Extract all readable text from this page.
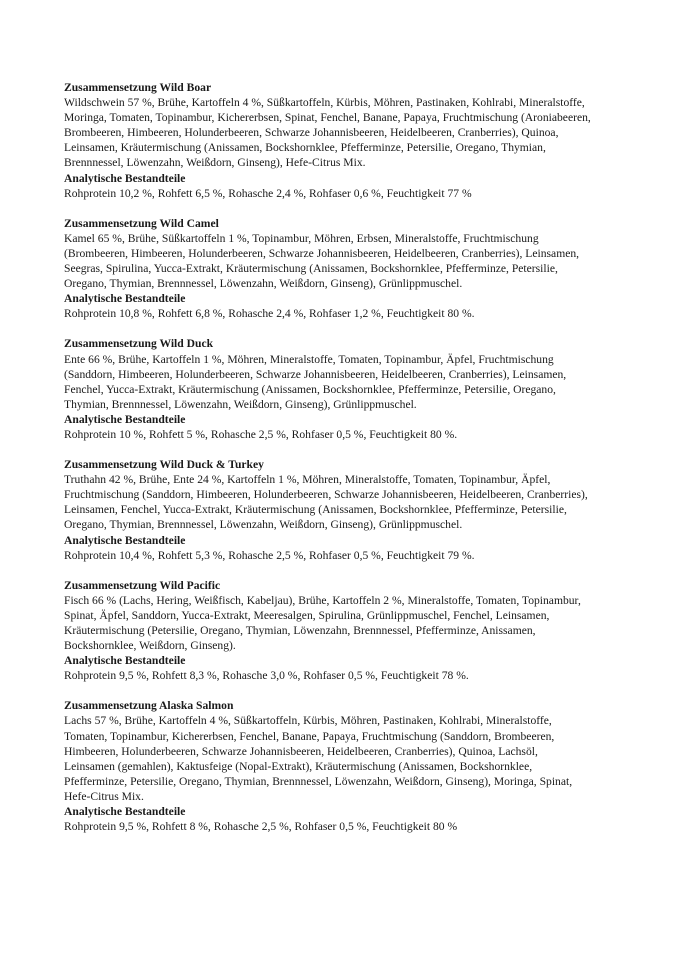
Zusammensetzung Wild Boar
Wildschwein 57 %, Brühe, Kartoffeln 4 %, Süßkartoffeln, Kürbis, Möhren, Pastinaken, Kohlrabi, Mineralstoffe,
Moringa, Tomaten, Topinambur, Kichererbsen, Spinat, Fenchel, Banane, Papaya, Fruchtmischung (Aroniabeeren,
Brombeeren, Himbeeren, Holunderbeeren, Schwarze Johannisbeeren, Heidelbeeren, Cranberries), Quinoa,
Leinsamen, Kräutermischung (Anissamen, Bockshornklee, Pfefferminze, Petersilie, Oregano, Thymian,
Brennnessel, Löwenzahn, Weißdorn, Ginseng), Hefe-Citrus Mix.
Analytische Bestandteile
Rohprotein 10,2 %, Rohfett 6,5 %, Rohasche 2,4 %, Rohfaser 0,6 %, Feuchtigkeit 77 %
Zusammensetzung Wild Camel
Kamel 65 %, Brühe, Süßkartoffeln 1 %, Topinambur, Möhren, Erbsen, Mineralstoffe, Fruchtmischung
(Brombeeren, Himbeeren, Holunderbeeren, Schwarze Johannisbeeren, Heidelbeeren, Cranberries), Leinsamen,
Seegras, Spirulina, Yucca-Extrakt, Kräutermischung (Anissamen, Bockshornklee, Pfefferminze, Petersilie,
Oregano, Thymian, Brennnessel, Löwenzahn, Weißdorn, Ginseng), Grünlippmuschel.
Analytische Bestandteile
Rohprotein 10,8 %, Rohfett 6,8 %, Rohasche 2,4 %, Rohfaser 1,2 %, Feuchtigkeit 80 %.
Zusammensetzung Wild Duck
Ente 66 %, Brühe, Kartoffeln 1 %, Möhren, Mineralstoffe, Tomaten, Topinambur, Äpfel, Fruchtmischung
(Sanddorn, Himbeeren, Holunderbeeren, Schwarze Johannisbeeren, Heidelbeeren, Cranberries), Leinsamen,
Fenchel, Yucca-Extrakt, Kräutermischung (Anissamen, Bockshornklee, Pfefferminze, Petersilie, Oregano,
Thymian, Brennnessel, Löwenzahn, Weißdorn, Ginseng), Grünlippmuschel.
Analytische Bestandteile
Rohprotein 10 %, Rohfett 5 %, Rohasche 2,5 %, Rohfaser 0,5 %, Feuchtigkeit 80 %.
Zusammensetzung Wild Duck & Turkey
Truthahn 42 %, Brühe, Ente 24 %, Kartoffeln 1 %, Möhren, Mineralstoffe, Tomaten, Topinambur, Äpfel,
Fruchtmischung (Sanddorn, Himbeeren, Holunderbeeren, Schwarze Johannisbeeren, Heidelbeeren, Cranberries),
Leinsamen, Fenchel, Yucca-Extrakt, Kräutermischung (Anissamen, Bockshornklee, Pfefferminze, Petersilie,
Oregano, Thymian, Brennnessel, Löwenzahn, Weißdorn, Ginseng), Grünlippmuschel.
Analytische Bestandteile
Rohprotein 10,4 %, Rohfett 5,3 %, Rohasche 2,5 %, Rohfaser 0,5 %, Feuchtigkeit 79 %.
Zusammensetzung Wild Pacific
Fisch 66 % (Lachs, Hering, Weißfisch, Kabeljau), Brühe, Kartoffeln 2 %, Mineralstoffe, Tomaten, Topinambur,
Spinat, Äpfel, Sanddorn, Yucca-Extrakt, Meeresalgen, Spirulina, Grünlippmuschel, Fenchel, Leinsamen,
Kräutermischung (Petersilie, Oregano, Thymian, Löwenzahn, Brennnessel, Pfefferminze, Anissamen,
Bockshornklee, Weißdorn, Ginseng).
Analytische Bestandteile
Rohprotein 9,5 %, Rohfett 8,3 %, Rohasche 3,0 %, Rohfaser 0,5 %, Feuchtigkeit 78 %.
Zusammensetzung Alaska Salmon
Lachs 57 %, Brühe, Kartoffeln 4 %, Süßkartoffeln, Kürbis, Möhren, Pastinaken, Kohlrabi, Mineralstoffe,
Tomaten, Topinambur, Kichererbsen, Fenchel, Banane, Papaya, Fruchtmischung (Sanddorn, Brombeeren,
Himbeeren, Holunderbeeren, Schwarze Johannisbeeren, Heidelbeeren, Cranberries), Quinoa, Lachsöl,
Leinsamen (gemahlen), Kaktusfeige (Nopal-Extrakt), Kräutermischung (Anissamen, Bockshornklee,
Pfefferminze, Petersilie, Oregano, Thymian, Brennnessel, Löwenzahn, Weißdorn, Ginseng), Moringa, Spinat,
Hefe-Citrus Mix.
Analytische Bestandteile
Rohprotein 9,5 %, Rohfett 8 %, Rohasche 2,5 %, Rohfaser 0,5 %, Feuchtigkeit 80 %
